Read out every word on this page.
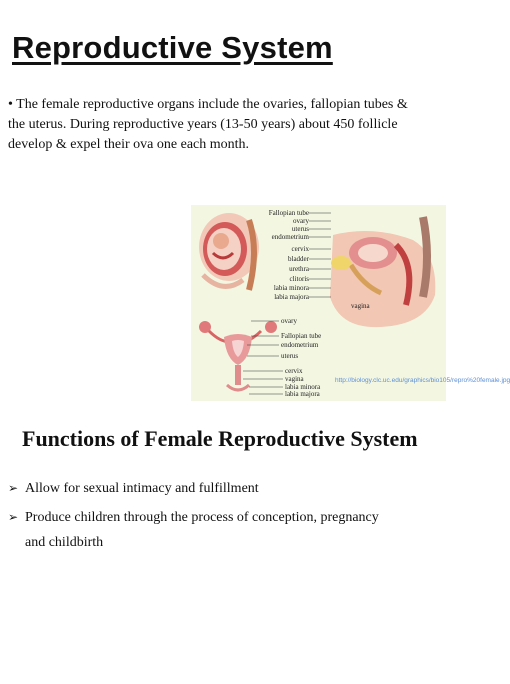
Reproductive System

• The female reproductive organs include the ovaries, fallopian tubes & the uterus. During reproductive years (13-50 years) about 450 follicle develop & expel their ova one each month.

Fallopian tube
ovary
uterus
endometrium
cervix
bladder
urethra
clitoris
labia minora
labia majora
vagina
ovary
Fallopian tube
endometrium
uterus
cervix
vagina
labia minora
labia majora
http://biology.clc.uc.edu/graphics/bio105/repro%20female.jpg
Functions of Female Reproductive System
➢ Allow for sexual intimacy and fulfillment
➢ Produce children through the process of conception, pregnancy
and childbirth
